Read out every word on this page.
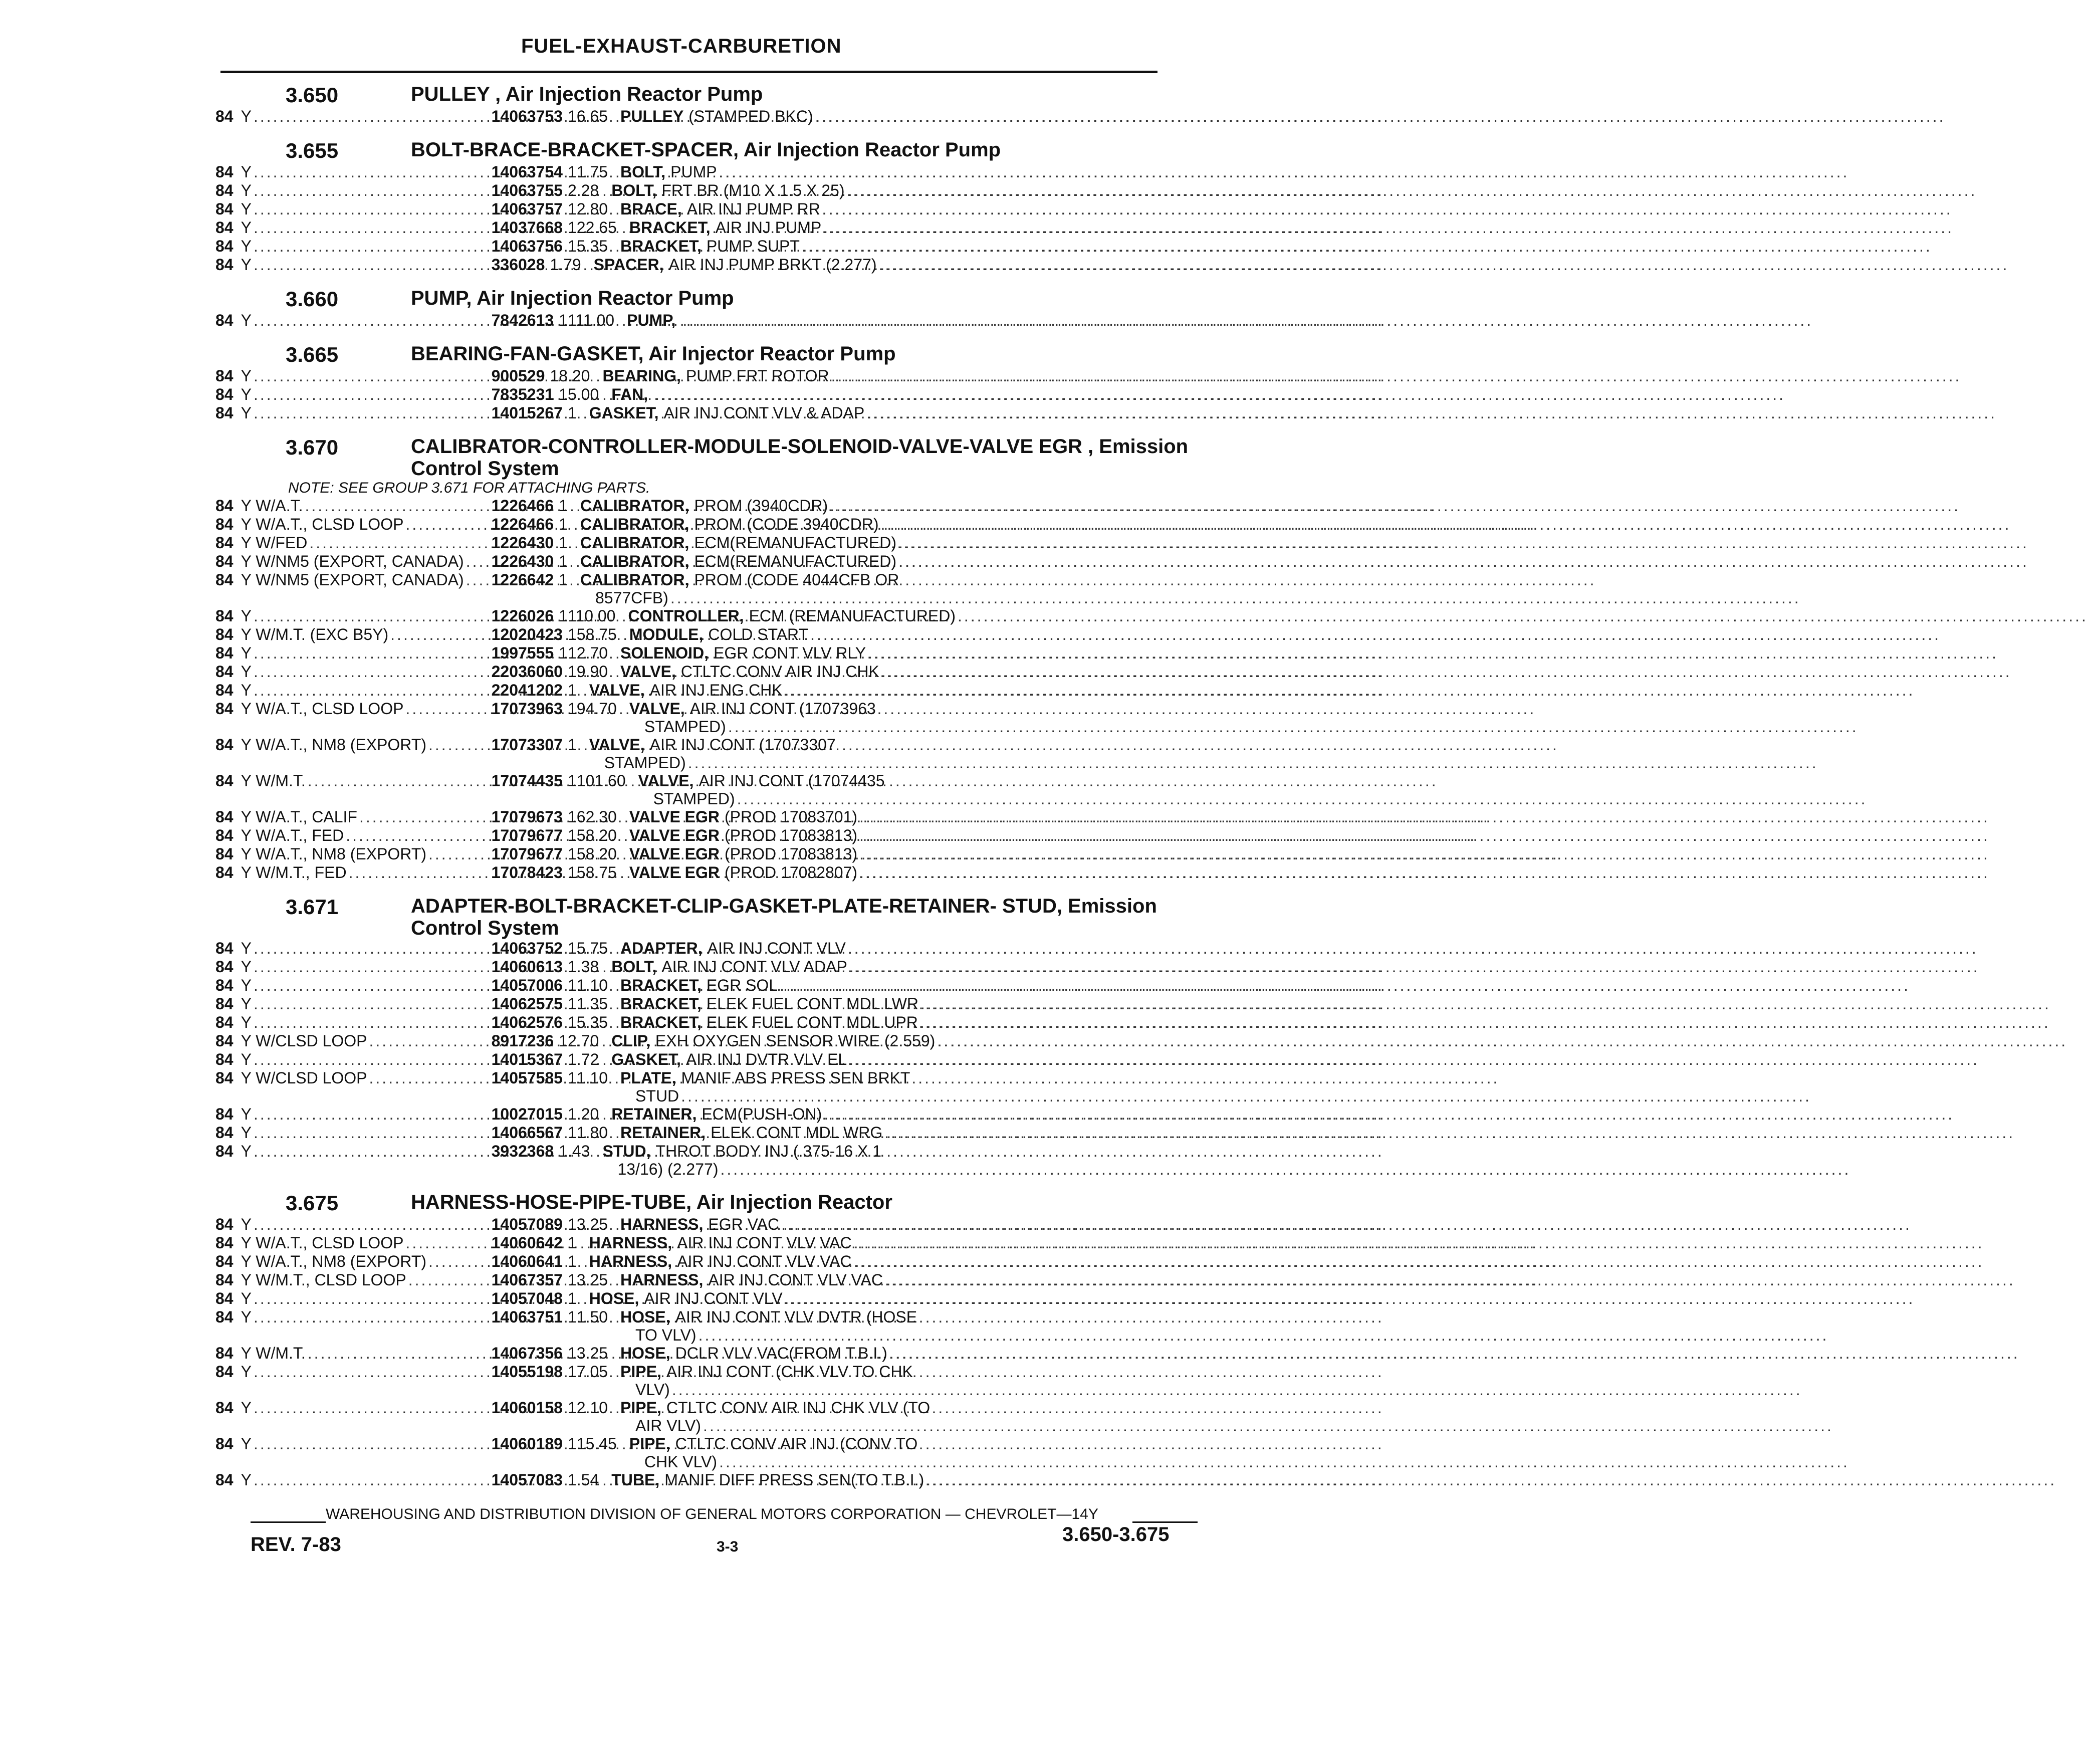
FUEL-EXHAUST-CARBURETION
3.650	PULLEY , Air Injection Reactor Pump
84 Y .....	14063753 1 6.65 PULLEY (STAMPED BKC)
.....
3.655	BOLT-BRACE-BRACKET-SPACER, Air Injection Reactor Pump
84 Y .....	14063754 1 1.75 BOLT, PUMP
.....
84 Y .....	14063755 2 .28 BOLT, FRT BR (M10 X 1.5 X 25)
.....
84 Y .....	14063757 1 2.80 BRACE, AIR INJ PUMP RR
.....
84 Y .....	14037668 1 22.65 BRACKET, AIR INJ PUMP
.....
84 Y .....	14063756 1 5.35 BRACKET, PUMP SUPT
.....
84 Y .....	336028 1 .79 SPACER, AIR INJ PUMP BRKT (2.277)
.....
3.660	PUMP, Air Injection Reactor Pump
84 Y .....	7842613 1 111.00 PUMP,
.....
3.665	BEARING-FAN-GASKET, Air Injector Reactor Pump
84 Y .....	900529 1 8.20 BEARING, PUMP FRT ROTOR
.....
84 Y .....	7835231 1 5.00 FAN,
.....
84 Y .....	14015267 1 GASKET, AIR INJ CONT VLV & ADAP
.....
3.670	CALIBRATOR-CONTROLLER-MODULE-SOLENOID-VALVE-VALVE EGR , Emission Control System
NOTE: SEE GROUP 3.671 FOR ATTACHING PARTS.
84 Y W/A.T. .....	1226466 1 CALIBRATOR, PROM (3940CDR)
.....
84 Y W/A.T., CLSD LOOP .....	1226466 1 CALIBRATOR, PROM (CODE 3940CDR)
.....
84 Y W/FED .....	1226430 1 CALIBRATOR, ECM(REMANUFACTURED)
.....
84 Y W/NM5 (EXPORT, CANADA) ..... 1226430 1 CALIBRATOR, ECM(REMANUFACTURED)
.....
84 Y W/NM5 (EXPORT, CANADA) ..... 1226642 1 CALIBRATOR, PROM (CODE 4044CFB OR
8577CFB)
.....
84 Y .....	1226026 1 110.00 CONTROLLER, ECM (REMANUFACTURED)
.....
84 Y W/M.T. (EXC B5Y) .....	12020423 1 58.75 MODULE, COLD START
.....
84 Y .....	1997555 1 12.70 SOLENOID, EGR CONT VLV RLY
.....
84 Y .....	22036060 1 9.90 VALVE, CTLTC CONV AIR INJ CHK
.....
84 Y .....	22041202 1 VALVE, AIR INJ ENG CHK
.....
84 Y W/A.T., CLSD LOOP .....	17073963 1 94.70 VALVE, AIR INJ CONT (17073963
STAMPED)
.....
84 Y W/A.T., NM8 (EXPORT) .....	17073307 1 VALVE, AIR INJ CONT (17073307
STAMPED)
.....
84 Y W/M.T. .....	17074435 1 101.60 VALVE, AIR INJ CONT (17074435
STAMPED)
.....
84 Y W/A.T., CALIF .....	17079673 1 62.30 VALVE EGR (PROD 17083701)
.....
84 Y W/A.T., FED .....	17079677 1 58.20 VALVE EGR (PROD 17083813)
.....
84 Y W/A.T., NM8 (EXPORT) .....	17079677 1 58.20 VALVE EGR (PROD 17083813)
.....
84 Y W/M.T., FED .....	17078423 1 58.75 VALVE EGR (PROD 17082807)
.....
3.671	ADAPTER-BOLT-BRACKET-CLIP-GASKET-PLATE-RETAINER- STUD, Emission Control System
84 Y .....	14063752 1 5.75 ADAPTER, AIR INJ CONT VLV
.....
84 Y .....	14060613 1 .38 BOLT, AIR INJ CONT VLV ADAP
.....
84 Y .....	14057006 1 1.10 BRACKET, EGR SOL
.....
84 Y .....	14062575 1 1.35 BRACKET, ELEK FUEL CONT MDL LWR
.....
84 Y .....	14062576 1 5.35 BRACKET, ELEK FUEL CONT MDL UPR
.....
84 Y W/CLSD LOOP .....	8917236 1 2.70 CLIP, EXH OXYGEN SENSOR WIRE (2.559)
.....
84 Y .....	14015367 1 .72 GASKET, AIR INJ DVTR VLV EL
.....
84 Y W/CLSD LOOP .....	14057585 1 1.10 PLATE, MANIF ABS PRESS SEN BRKT
STUD
.....
84 Y .....	10027015 1 .20 RETAINER, ECM(PUSH-ON)
.....
84 Y .....	14066567 1 1.80 RETAINER, ELEK CONT MDL WRG
.....
84 Y .....	3932368 1 .43 STUD, THROT BODY INJ (.375-16 X 1
13/16) (2.277)
.....
3.675	HARNESS-HOSE-PIPE-TUBE, Air Injection Reactor
84 Y .....	14057089 1 3.25 HARNESS, EGR VAC
.....
84 Y W/A.T., CLSD LOOP .....	14060642 1 HARNESS, AIR INJ CONT VLV VAC
.....
84 Y W/A.T., NM8 (EXPORT) .....	14060641 1 HARNESS, AIR INJ CONT VLV VAC
.....
84 Y W/M.T., CLSD LOOP .....	14067357 1 3.25 HARNESS, AIR INJ CONT VLV VAC
.....
84 Y .....	14057048 1 HOSE, AIR INJ CONT VLV
.....
84 Y .....	14063751 1 1.50 HOSE, AIR INJ CONT VLV DVTR (HOSE
TO VLV)
.....
84 Y W/M.T. .....	14067356 1 3.25 HOSE, DCLR VLV VAC(FROM T.B.I.)
.....
84 Y .....	14055198 1 7.05 PIPE, AIR INJ CONT (CHK VLV TO CHK
VLV)
.....
84 Y .....	14060158 1 2.10 PIPE, CTLTC CONV AIR INJ CHK VLV (TO
AIR VLV)
.....
84 Y .....	14060189 1 15.45 PIPE, CTLTC CONV AIR INJ (CONV TO
CHK VLV)
.....
84 Y .....	14057083 1 .54 TUBE, MANIF DIFF PRESS SEN(TO T.B.I.)
.....
WAREHOUSING AND DISTRIBUTION DIVISION OF GENERAL MOTORS CORPORATION — CHEVROLET—14Y
REV. 7-83	3-3
3.650-3.675
